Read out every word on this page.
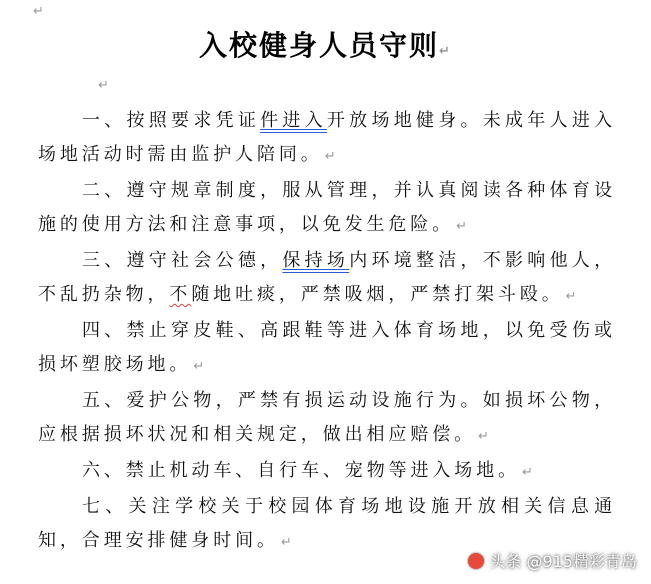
↵
入校健身人员守则↵
↵

一、按照要求凭证件进入开放场地健身。未成年人进入场地活动时需由监护人陪同。 ↵

二、遵守规章制度，服从管理，并认真阅读各种体育设施的使用方法和注意事项，以免发生危险。 ↵

三、遵守社会公德，保持场内环境整洁，不影响他人，不乱扔杂物，不随地吐痰，严禁吸烟，严禁打架斗殴。 ↵

四、禁止穿皮鞋、高跟鞋等进入体育场地，以免受伤或损坏塑胶场地。 ↵

五、爱护公物，严禁有损运动设施行为。如损坏公物，应根据损坏状况和相关规定，做出相应赔偿。 ↵

六、禁止机动车、自行车、宠物等进入场地。 ↵

七、关注学校关于校园体育场地设施开放相关信息通知，合理安排健身时间。 ↵

头条 @915精彩青岛
